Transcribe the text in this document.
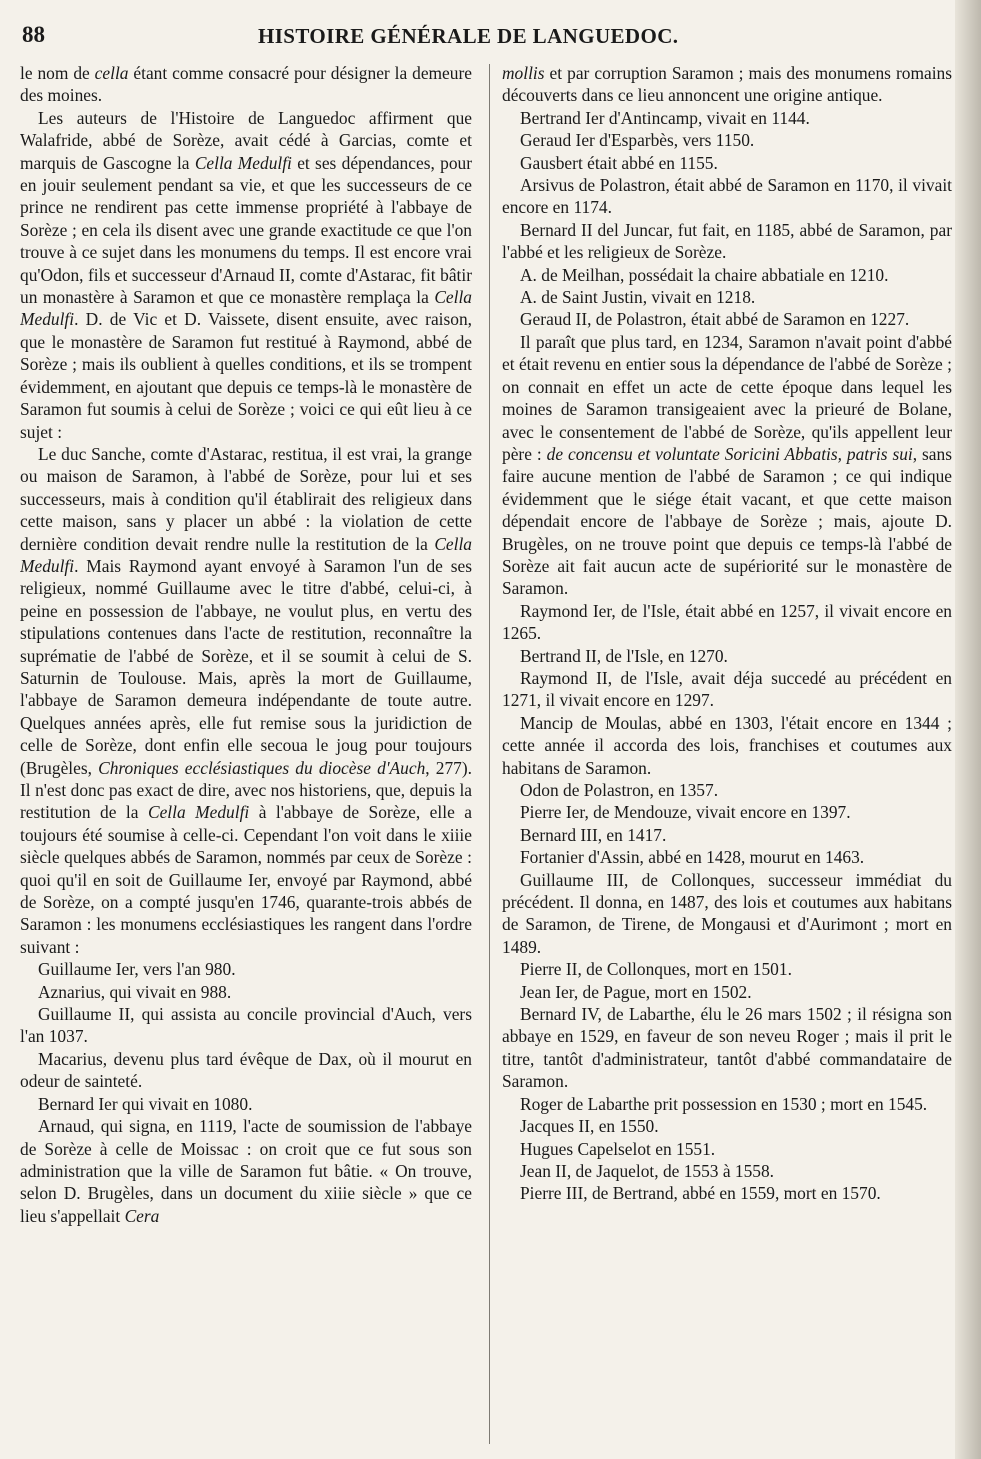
88	HISTOIRE GÉNÉRALE DE LANGUEDOC.

le nom de cella étant comme consacré pour désigner la demeure des moines.

Les auteurs de l'Histoire de Languedoc affirment que Walafride, abbé de Sorèze, avait cédé à Garcias, comte et marquis de Gascogne la Cella Medulfi et ses dépendances, pour en jouir seulement pendant sa vie, et que les successeurs de ce prince ne rendirent pas cette immense propriété à l'abbaye de Sorèze ; en cela ils disent avec une grande exactitude ce que l'on trouve à ce sujet dans les monumens du temps. Il est encore vrai qu'Odon, fils et successeur d'Arnaud II, comte d'Astarac, fit bâtir un monastère à Saramon et que ce monastère remplaça la Cella Medulfi. D. de Vic et D. Vaissete, disent ensuite, avec raison, que le monastère de Saramon fut restitué à Raymond, abbé de Sorèze ; mais ils oublient à quelles conditions, et ils se trompent évidemment, en ajoutant que depuis ce temps-là le monastère de Saramon fut soumis à celui de Sorèze ; voici ce qui eût lieu à ce sujet :

Le duc Sanche, comte d'Astarac, restitua, il est vrai, la grange ou maison de Saramon, à l'abbé de Sorèze, pour lui et ses successeurs, mais à condition qu'il établirait des religieux dans cette maison, sans y placer un abbé : la violation de cette dernière condition devait rendre nulle la restitution de la Cella Medulfi. Mais Raymond ayant envoyé à Saramon l'un de ses religieux, nommé Guillaume avec le titre d'abbé, celui-ci, à peine en possession de l'abbaye, ne voulut plus, en vertu des stipulations contenues dans l'acte de restitution, reconnaître la suprématie de l'abbé de Sorèze, et il se soumit à celui de S. Saturnin de Toulouse. Mais, après la mort de Guillaume, l'abbaye de Saramon demeura indépendante de toute autre. Quelques années après, elle fut remise sous la juridiction de celle de Sorèze, dont enfin elle secoua le joug pour toujours (Brugèles, Chroniques ecclésiastiques du diocèse d'Auch, 277). Il n'est donc pas exact de dire, avec nos historiens, que, depuis la restitution de la Cella Medulfi à l'abbaye de Sorèze, elle a toujours été soumise à celle-ci. Cependant l'on voit dans le xiiie siècle quelques abbés de Saramon, nommés par ceux de Sorèze : quoi qu'il en soit de Guillaume Ier, envoyé par Raymond, abbé de Sorèze, on a compté jusqu'en 1746, quarante-trois abbés de Saramon : les monumens ecclésiastiques les rangent dans l'ordre suivant :

Guillaume Ier, vers l'an 980.

Aznarius, qui vivait en 988.

Guillaume II, qui assista au concile provincial d'Auch, vers l'an 1037.

Macarius, devenu plus tard évêque de Dax, où il mourut en odeur de sainteté.

Bernard Ier qui vivait en 1080.

Arnaud, qui signa, en 1119, l'acte de soumission de l'abbaye de Sorèze à celle de Moissac : on croit que ce fut sous son administration que la ville de Saramon fut bâtie. « On trouve, selon D. Brugèles, dans un document du xiiie siècle » que ce lieu s'appellait Cera

mollis et par corruption Saramon ; mais des monumens romains découverts dans ce lieu annoncent une origine antique.

Bertrand Ier d'Antincamp, vivait en 1144.

Geraud Ier d'Esparbès, vers 1150.

Gausbert était abbé en 1155.

Arsivus de Polastron, était abbé de Saramon en 1170, il vivait encore en 1174.

Bernard II del Juncar, fut fait, en 1185, abbé de Saramon, par l'abbé et les religieux de Sorèze.

A. de Meilhan, possédait la chaire abbatiale en 1210.

A. de Saint Justin, vivait en 1218.

Geraud II, de Polastron, était abbé de Saramon en 1227.

Il paraît que plus tard, en 1234, Saramon n'avait point d'abbé et était revenu en entier sous la dépendance de l'abbé de Sorèze ; on connait en effet un acte de cette époque dans lequel les moines de Saramon transigeaient avec la prieuré de Bolane, avec le consentement de l'abbé de Sorèze, qu'ils appellent leur père : de concensu et voluntate Soricini Abbatis, patris sui, sans faire aucune mention de l'abbé de Saramon ; ce qui indique évidemment que le siége était vacant, et que cette maison dépendait encore de l'abbaye de Sorèze ; mais, ajoute D. Brugèles, on ne trouve point que depuis ce temps-là l'abbé de Sorèze ait fait aucun acte de supériorité sur le monastère de Saramon.

Raymond Ier, de l'Isle, était abbé en 1257, il vivait encore en 1265.

Bertrand II, de l'Isle, en 1270.

Raymond II, de l'Isle, avait déja succedé au précédent en 1271, il vivait encore en 1297.

Mancip de Moulas, abbé en 1303, l'était encore en 1344 ; cette année il accorda des lois, franchises et coutumes aux habitans de Saramon.

Odon de Polastron, en 1357.

Pierre Ier, de Mendouze, vivait encore en 1397.

Bernard III, en 1417.

Fortanier d'Assin, abbé en 1428, mourut en 1463.

Guillaume III, de Collonques, successeur immédiat du précédent. Il donna, en 1487, des lois et coutumes aux habitans de Saramon, de Tirene, de Mongausi et d'Aurimont ; mort en 1489.

Pierre II, de Collonques, mort en 1501.

Jean Ier, de Pague, mort en 1502.

Bernard IV, de Labarthe, élu le 26 mars 1502 ; il résigna son abbaye en 1529, en faveur de son neveu Roger ; mais il prit le titre, tantôt d'administrateur, tantôt d'abbé commandataire de Saramon.

Roger de Labarthe prit possession en 1530 ; mort en 1545.

Jacques II, en 1550.

Hugues Capelselot en 1551.

Jean II, de Jaquelot, de 1553 à 1558.

Pierre III, de Bertrand, abbé en 1559, mort en 1570.
